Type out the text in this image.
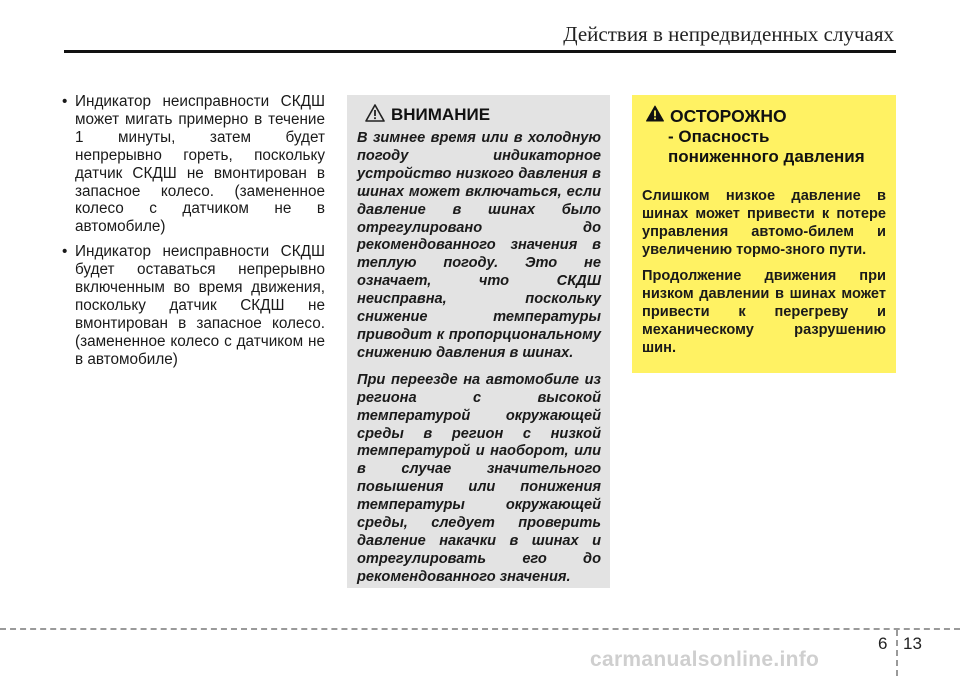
Действия в непредвиденных случаях
• Индикатор неисправности СКДШ может мигать примерно в течение 1 минуты, затем будет непрерывно гореть, поскольку датчик СКДШ не вмонтирован в запасное колесо. (замененное колесо с датчиком не в автомобиле)
• Индикатор неисправности СКДШ будет оставаться непрерывно включенным во время движения, поскольку датчик СКДШ не вмонтирован в запасное колесо. (замененное колесо с датчиком не в автомобиле)
ВНИМАНИЕ

В зимнее время или в холодную погоду индикаторное устройство низкого давления в шинах может включаться, если давление в шинах было отрегулировано до рекомендованного значения в теплую погоду. Это не означает, что СКДШ неисправна, поскольку снижение температуры приводит к пропорциональному снижению давления в шинах.

При переезде на автомобиле из региона с высокой температурой окружающей среды в регион с низкой температурой и наоборот, или в случае значительного повышения или понижения температуры окружающей среды, следует проверить давление накачки в шинах и отрегулировать его до рекомендованного значения.

ОСТОРОЖНО
- Опасность пониженного давления

Слишком низкое давление в шинах может привести к потере управления автомо-билем и увеличению тормо-зного пути.

Продолжение движения при низком давлении в шинах может привести к перегреву и механическому разрушению шин.

6 13
carmanualsonline.info
